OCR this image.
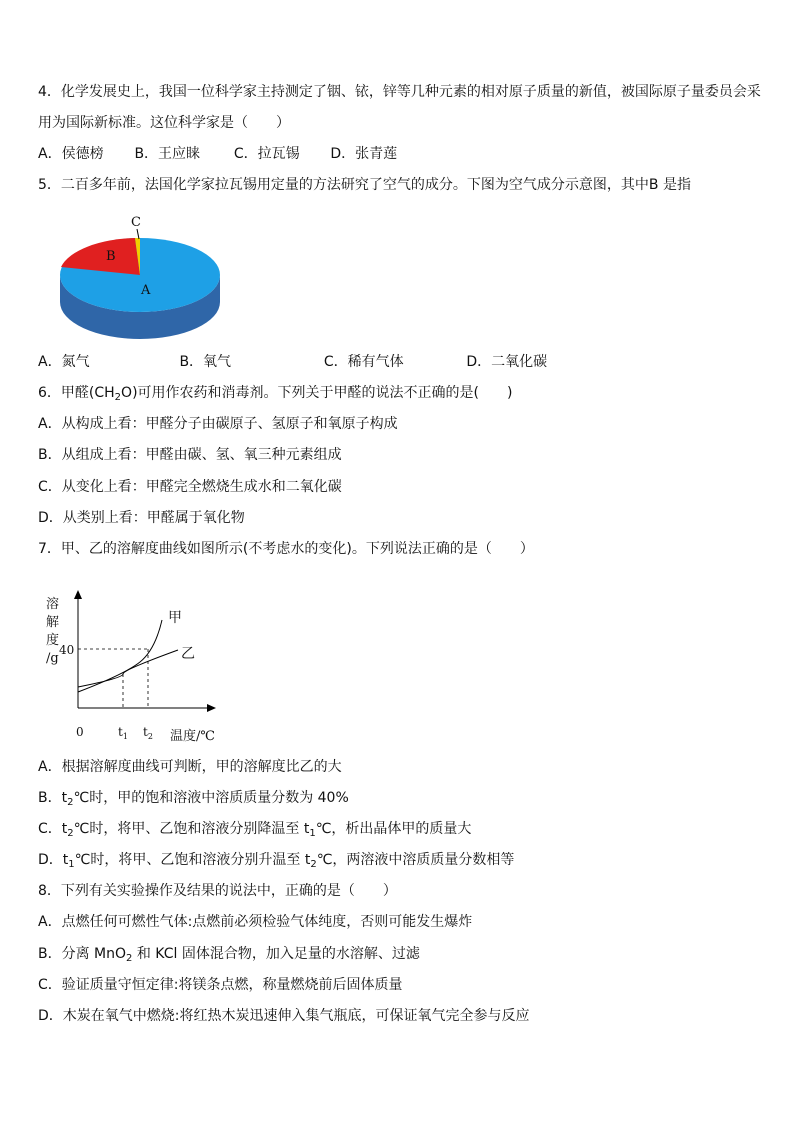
4．化学发展史上，我国一位科学家主持测定了铟、铱，锌等几种元素的相对原子质量的新值，被国际原子量委员会采
用为国际新标准。这位科学家是（　　）
A．侯德榜 B．王应睐 C．拉瓦锡 D．张青莲
5．二百多年前，法国化学家拉瓦锡用定量的方法研究了空气的成分。下图为空气成分示意图，其中B 是指
A
B
C
A．氮气	B．氧气	C．稀有气体	D．二氧化碳
6．甲醛$(CH_2O)$可用作农药和消毒剂。下列关于甲醛的说法不正确的是(　　)
A．从构成上看：甲醛分子由碳原子、氢原子和氧原子构成
B．从组成上看：甲醛由碳、氢、氧三种元素组成
C．从变化上看：甲醛完全燃烧生成水和二氧化碳
D．从类别上看：甲醛属于氧化物
7．甲、乙的溶解度曲线如图所示(不考虑水的变化)。下列说法正确的是（　　）
溶
解
度
/g
40
0	$t_1$ $t_2$ 温度/℃
甲
乙
A．根据溶解度曲线可判断，甲的溶解度比乙的大
B．$t_2℃$时，甲的饱和溶液中溶质质量分数为 40%
C．$t_2℃$时，将甲、乙饱和溶液分别降温至 $t_1℃$，析出晶体甲的质量大
D．$t_1℃$时，将甲、乙饱和溶液分别升温至 $t_2℃$，两溶液中溶质质量分数相等
8．下列有关实验操作及结果的说法中，正确的是（　　）
A．点燃任何可燃性气体:点燃前必须检验气体纯度，否则可能发生爆炸
B．分离 MnO$_2$ 和 KCl 固体混合物，加入足量的水溶解、过滤
C．验证质量守恒定律:将镁条点燃，称量燃烧前后固体质量
D．木炭在氧气中燃烧:将红热木炭迅速伸入集气瓶底，可保证氧气完全参与反应
